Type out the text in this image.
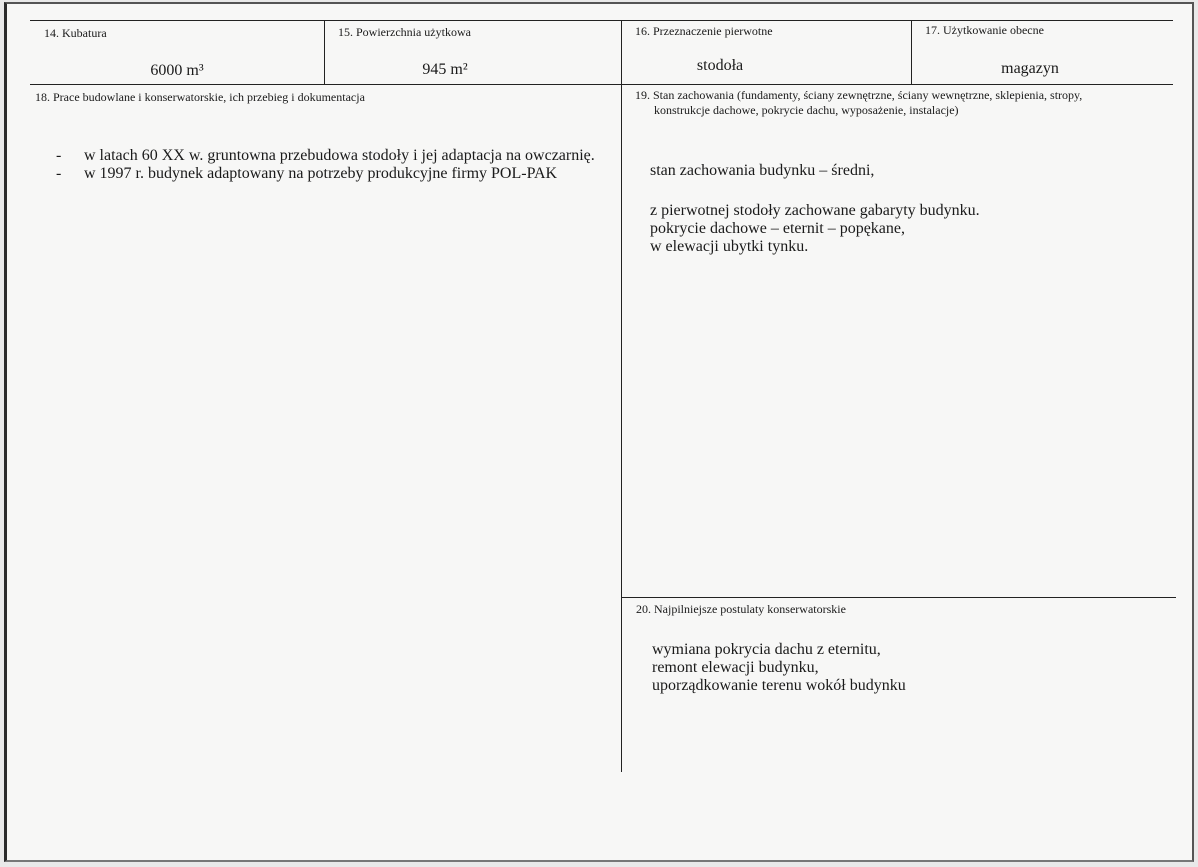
14. Kubatura
6000 m³
15. Powierzchnia użytkowa
945 m²
16. Przeznaczenie pierwotne
stodoła
17. Użytkowanie obecne
magazyn
18. Prace budowlane i konserwatorskie, ich przebieg i dokumentacja
- w latach 60 XX w. gruntowna przebudowa stodoły i jej adaptacja na owczarnię.
- w 1997 r. budynek adaptowany na potrzeby produkcyjne firmy POL-PAK
19. Stan zachowania (fundamenty, ściany zewnętrzne, ściany wewnętrzne, sklepienia, stropy,
konstrukcje dachowe, pokrycie dachu, wyposażenie, instalacje)
stan zachowania budynku – średni,
z pierwotnej stodoły zachowane gabaryty budynku.
pokrycie dachowe – eternit – popękane,
w elewacji ubytki tynku.
20. Najpilniejsze postulaty konserwatorskie
wymiana pokrycia dachu z eternitu,
remont elewacji budynku,
uporządkowanie terenu wokół budynku
